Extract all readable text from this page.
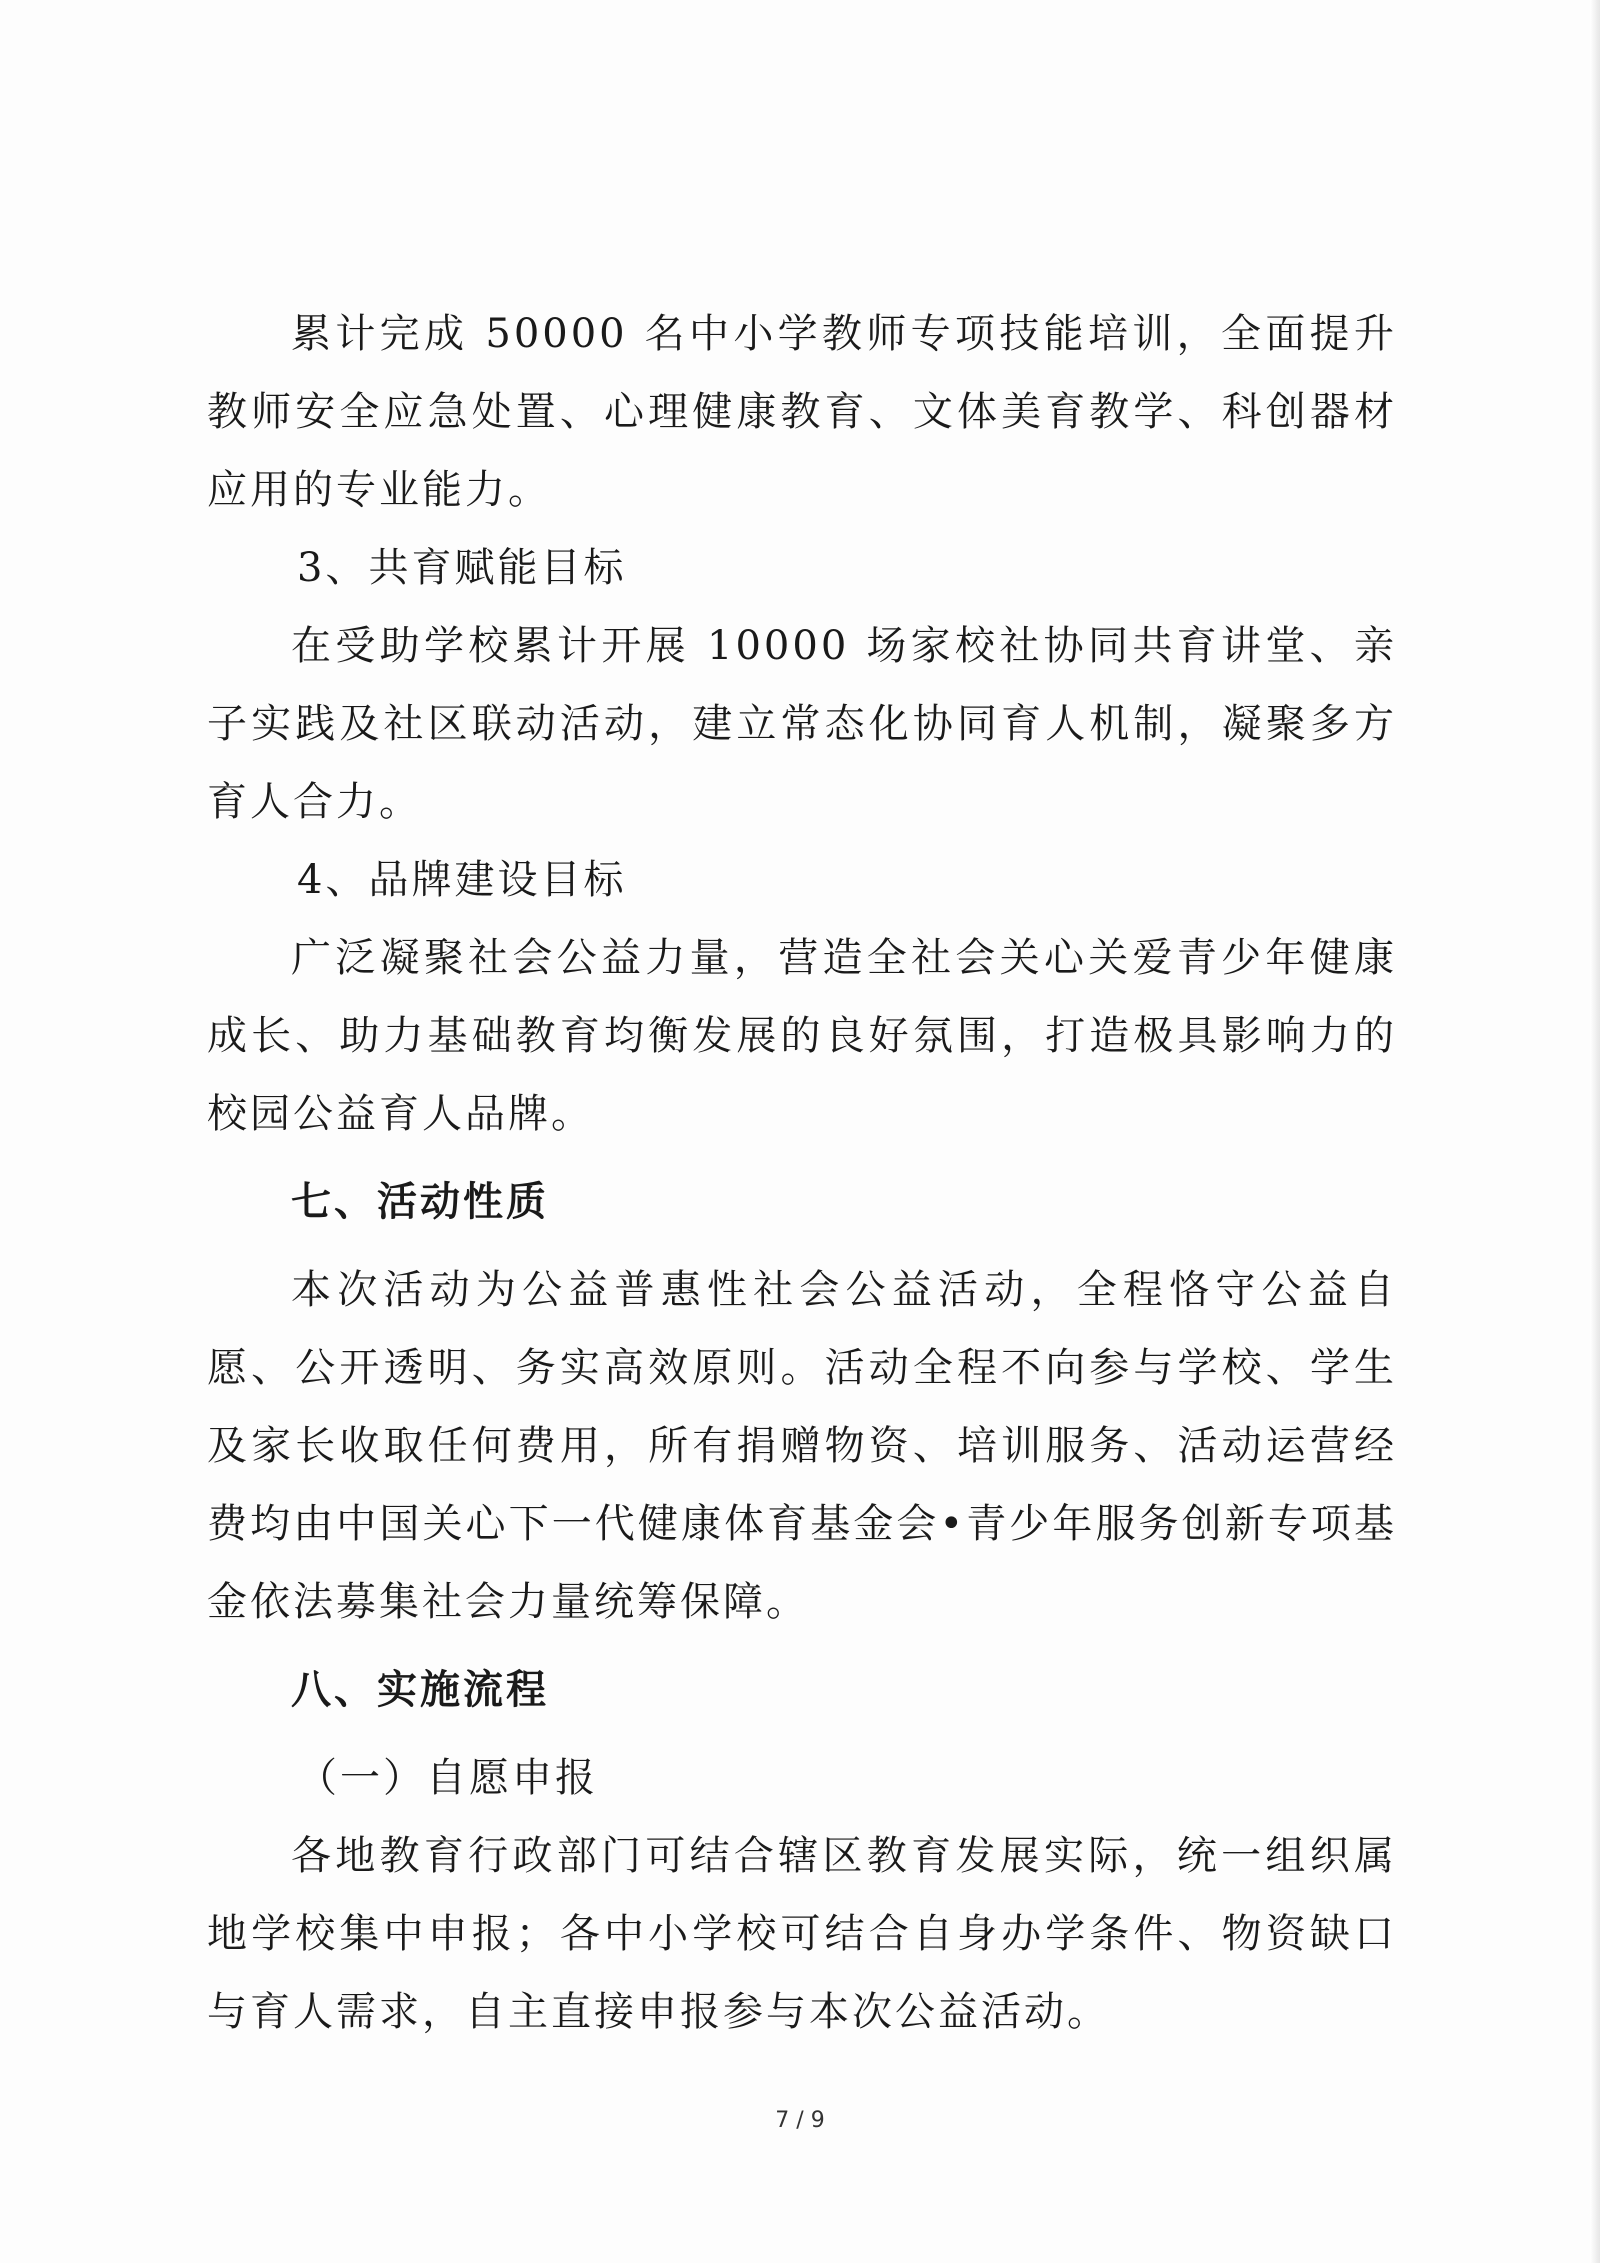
累计完成 50000 名中小学教师专项技能培训，全面提升教师安全应急处置、心理健康教育、文体美育教学、科创器材应用的专业能力。

3、共育赋能目标

在受助学校累计开展 10000 场家校社协同共育讲堂、亲子实践及社区联动活动，建立常态化协同育人机制，凝聚多方育人合力。

4、品牌建设目标

广泛凝聚社会公益力量，营造全社会关心关爱青少年健康成长、助力基础教育均衡发展的良好氛围，打造极具影响力的校园公益育人品牌。

七、活动性质

本次活动为公益普惠性社会公益活动，全程恪守公益自愿、公开透明、务实高效原则。活动全程不向参与学校、学生及家长收取任何费用，所有捐赠物资、培训服务、活动运营经费均由中国关心下一代健康体育基金会•青少年服务创新专项基金依法募集社会力量统筹保障。

八、实施流程

（一）自愿申报

各地教育行政部门可结合辖区教育发展实际，统一组织属地学校集中申报；各中小学校可结合自身办学条件、物资缺口与育人需求，自主直接申报参与本次公益活动。

7 / 9
